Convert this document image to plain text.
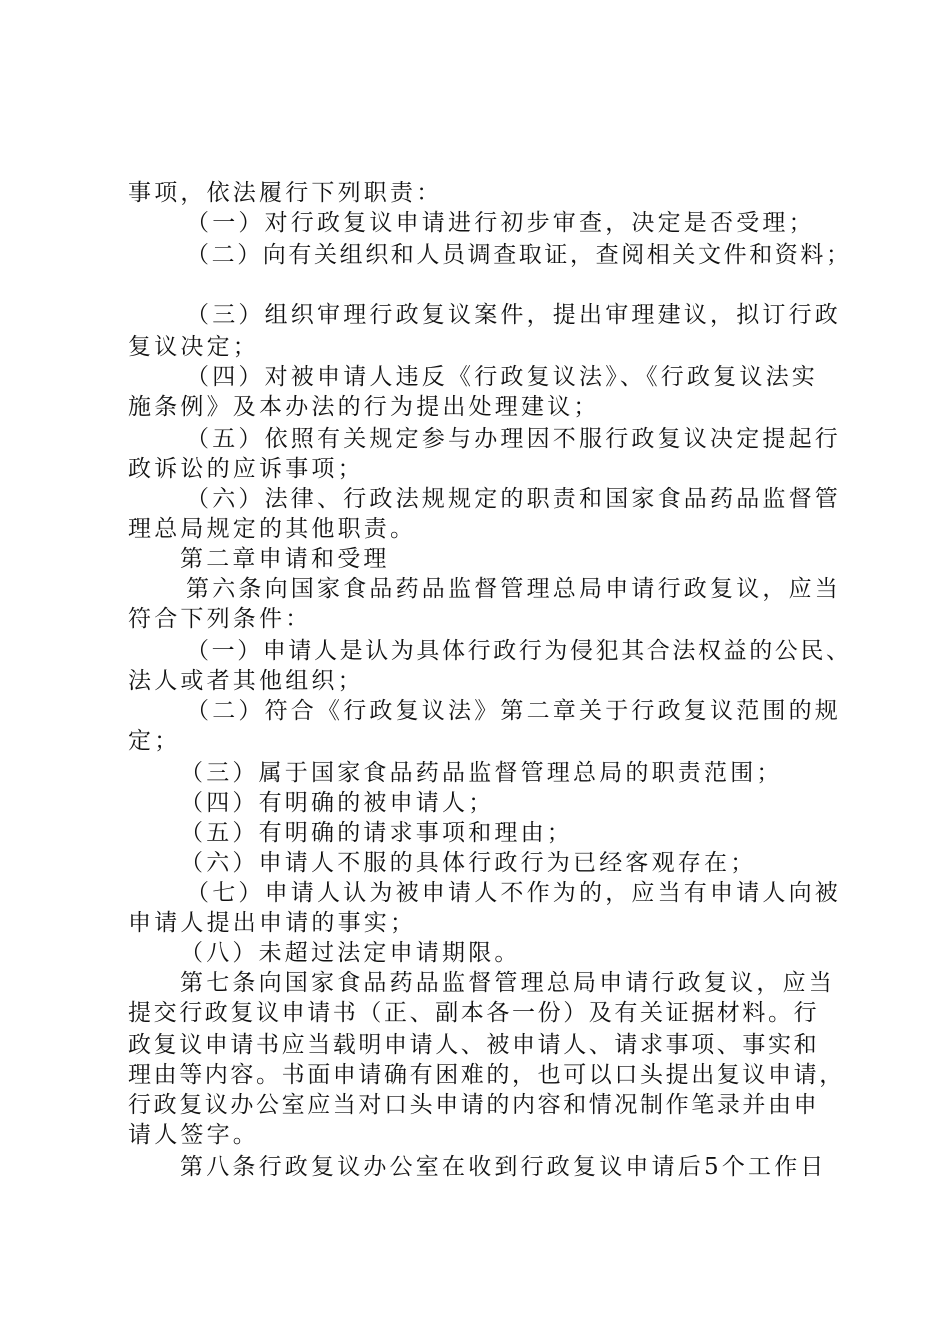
事项，依法履行下列职责：
（一）对行政复议申请进行初步审查，决定是否受理；
（二）向有关组织和人员调查取证，查阅相关文件和资料；
（三）组织审理行政复议案件，提出审理建议，拟订行政
复议决定；
（四）对被申请人违反《行政复议法》、《行政复议法实
施条例》及本办法的行为提出处理建议；
（五）依照有关规定参与办理因不服行政复议决定提起行
政诉讼的应诉事项；
（六）法律、行政法规规定的职责和国家食品药品监督管
理总局规定的其他职责。
第二章申请和受理
第六条向国家食品药品监督管理总局申请行政复议，应当
符合下列条件：
（一）申请人是认为具体行政行为侵犯其合法权益的公民、
法人或者其他组织；
（二）符合《行政复议法》第二章关于行政复议范围的规
定；
（三）属于国家食品药品监督管理总局的职责范围；
（四）有明确的被申请人；
（五）有明确的请求事项和理由；
（六）申请人不服的具体行政行为已经客观存在；
（七）申请人认为被申请人不作为的，应当有申请人向被
申请人提出申请的事实；
（八）未超过法定申请期限。
第七条向国家食品药品监督管理总局申请行政复议，应当
提交行政复议申请书（正、副本各一份）及有关证据材料。行
政复议申请书应当载明申请人、被申请人、请求事项、事实和
理由等内容。书面申请确有困难的，也可以口头提出复议申请，
行政复议办公室应当对口头申请的内容和情况制作笔录并由申
请人签字。
第八条行政复议办公室在收到行政复议申请后5个工作日
